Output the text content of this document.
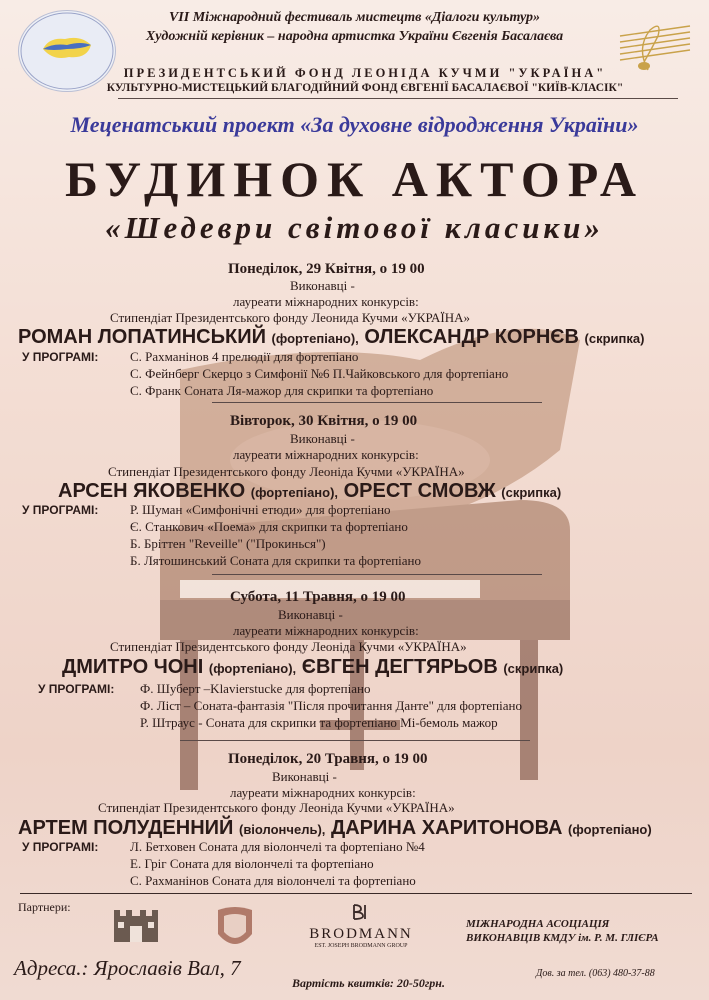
VII Міжнародний фестиваль мистецтв «Діалоги культур»
Художній керівник – народна артистка України Євгенія Басалаєва
ПРЕЗИДЕНТСЬКИЙ ФОНД ЛЕОНІДА КУЧМИ "УКРАЇНА"
КУЛЬТУРНО-МИСТЕЦЬКИЙ БЛАГОДІЙНИЙ ФОНД ЄВГЕНІЇ БАСАЛАЄВОЇ "КИЇВ-КЛАСІК"
Меценатський проект «За духовне відродження України»
БУДИНОК АКТОРА
«Шедеври світової класики»
Понеділок, 29 Квітня, о 19 00
Виконавці -
лауреати міжнародних конкурсів:
Стипендіат Президентського фонду Леонида Кучми «УКРАЇНА»
РОМАН ЛОПАТИНСЬКИЙ (фортепіано), ОЛЕКСАНДР КОРНЄВ (скрипка)
У ПРОГРАМІ: С. Рахманінов 4 прелюдії для фортепіано
С. Фейнберг Скерцо з Симфонії №6 П.Чайковського для фортепіано
С. Франк Соната Ля-мажор для скрипки та фортепіано
Вівторок, 30 Квітня, о 19 00
Виконавці -
лауреати міжнародних конкурсів:
Стипендіат Президентського фонду Леоніда Кучми «УКРАЇНА»
АРСЕН ЯКОВЕНКО (фортепіано), ОРЕСТ СМОВЖ (скрипка)
У ПРОГРАМІ: Р. Шуман «Симфонічні етюди» для фортепіано
Є. Станкович «Поема» для скрипки та фортепіано
Б. Бріттен "Reveille" ("Прокинься")
Б. Лятошинський Соната для скрипки та фортепіано
Субота, 11 Травня, о 19 00
Виконавці -
лауреати міжнародних конкурсів:
Стипендіат Президентського фонду Леоніда Кучми «УКРАЇНА»
ДМИТРО ЧОНІ (фортепіано), ЄВГЕН ДЕГТЯРЬОВ (скрипка)
У ПРОГРАМІ: Ф. Шуберт –Klavierstucke для фортепіано
Ф. Ліст – Соната-фантазія "Після прочитання Данте" для фортепіано
Р. Штраус - Соната для скрипки та фортепіано Мі-бемоль мажор
Понеділок, 20 Травня, о 19 00
Виконавці -
лауреати міжнародних конкурсів:
Стипендіат Президентського фонду Леоніда Кучми «УКРАЇНА»
АРТЕМ ПОЛУДЕННИЙ (віолончель), ДАРИНА ХАРИТОНОВА (фортепіано)
У ПРОГРАМІ: Л. Бетховен Соната для віолончелі та фортепіано №4
Е. Гріг Соната для віолончелі та фортепіано
С. Рахманінов Соната для віолончелі та фортепіано
Партнери:
BRODMANN
EST. JOSEPH BRODMANN GROUP
МІЖНАРОДНА АСОЦІАЦІЯ
ВИКОНАВЦІВ КМДУ ім. Р. М. ГЛІЄРА
Адреса.: Ярославів Вал, 7	Дов. за тел. (063) 480-37-88
Вартість квитків: 20-50грн.
